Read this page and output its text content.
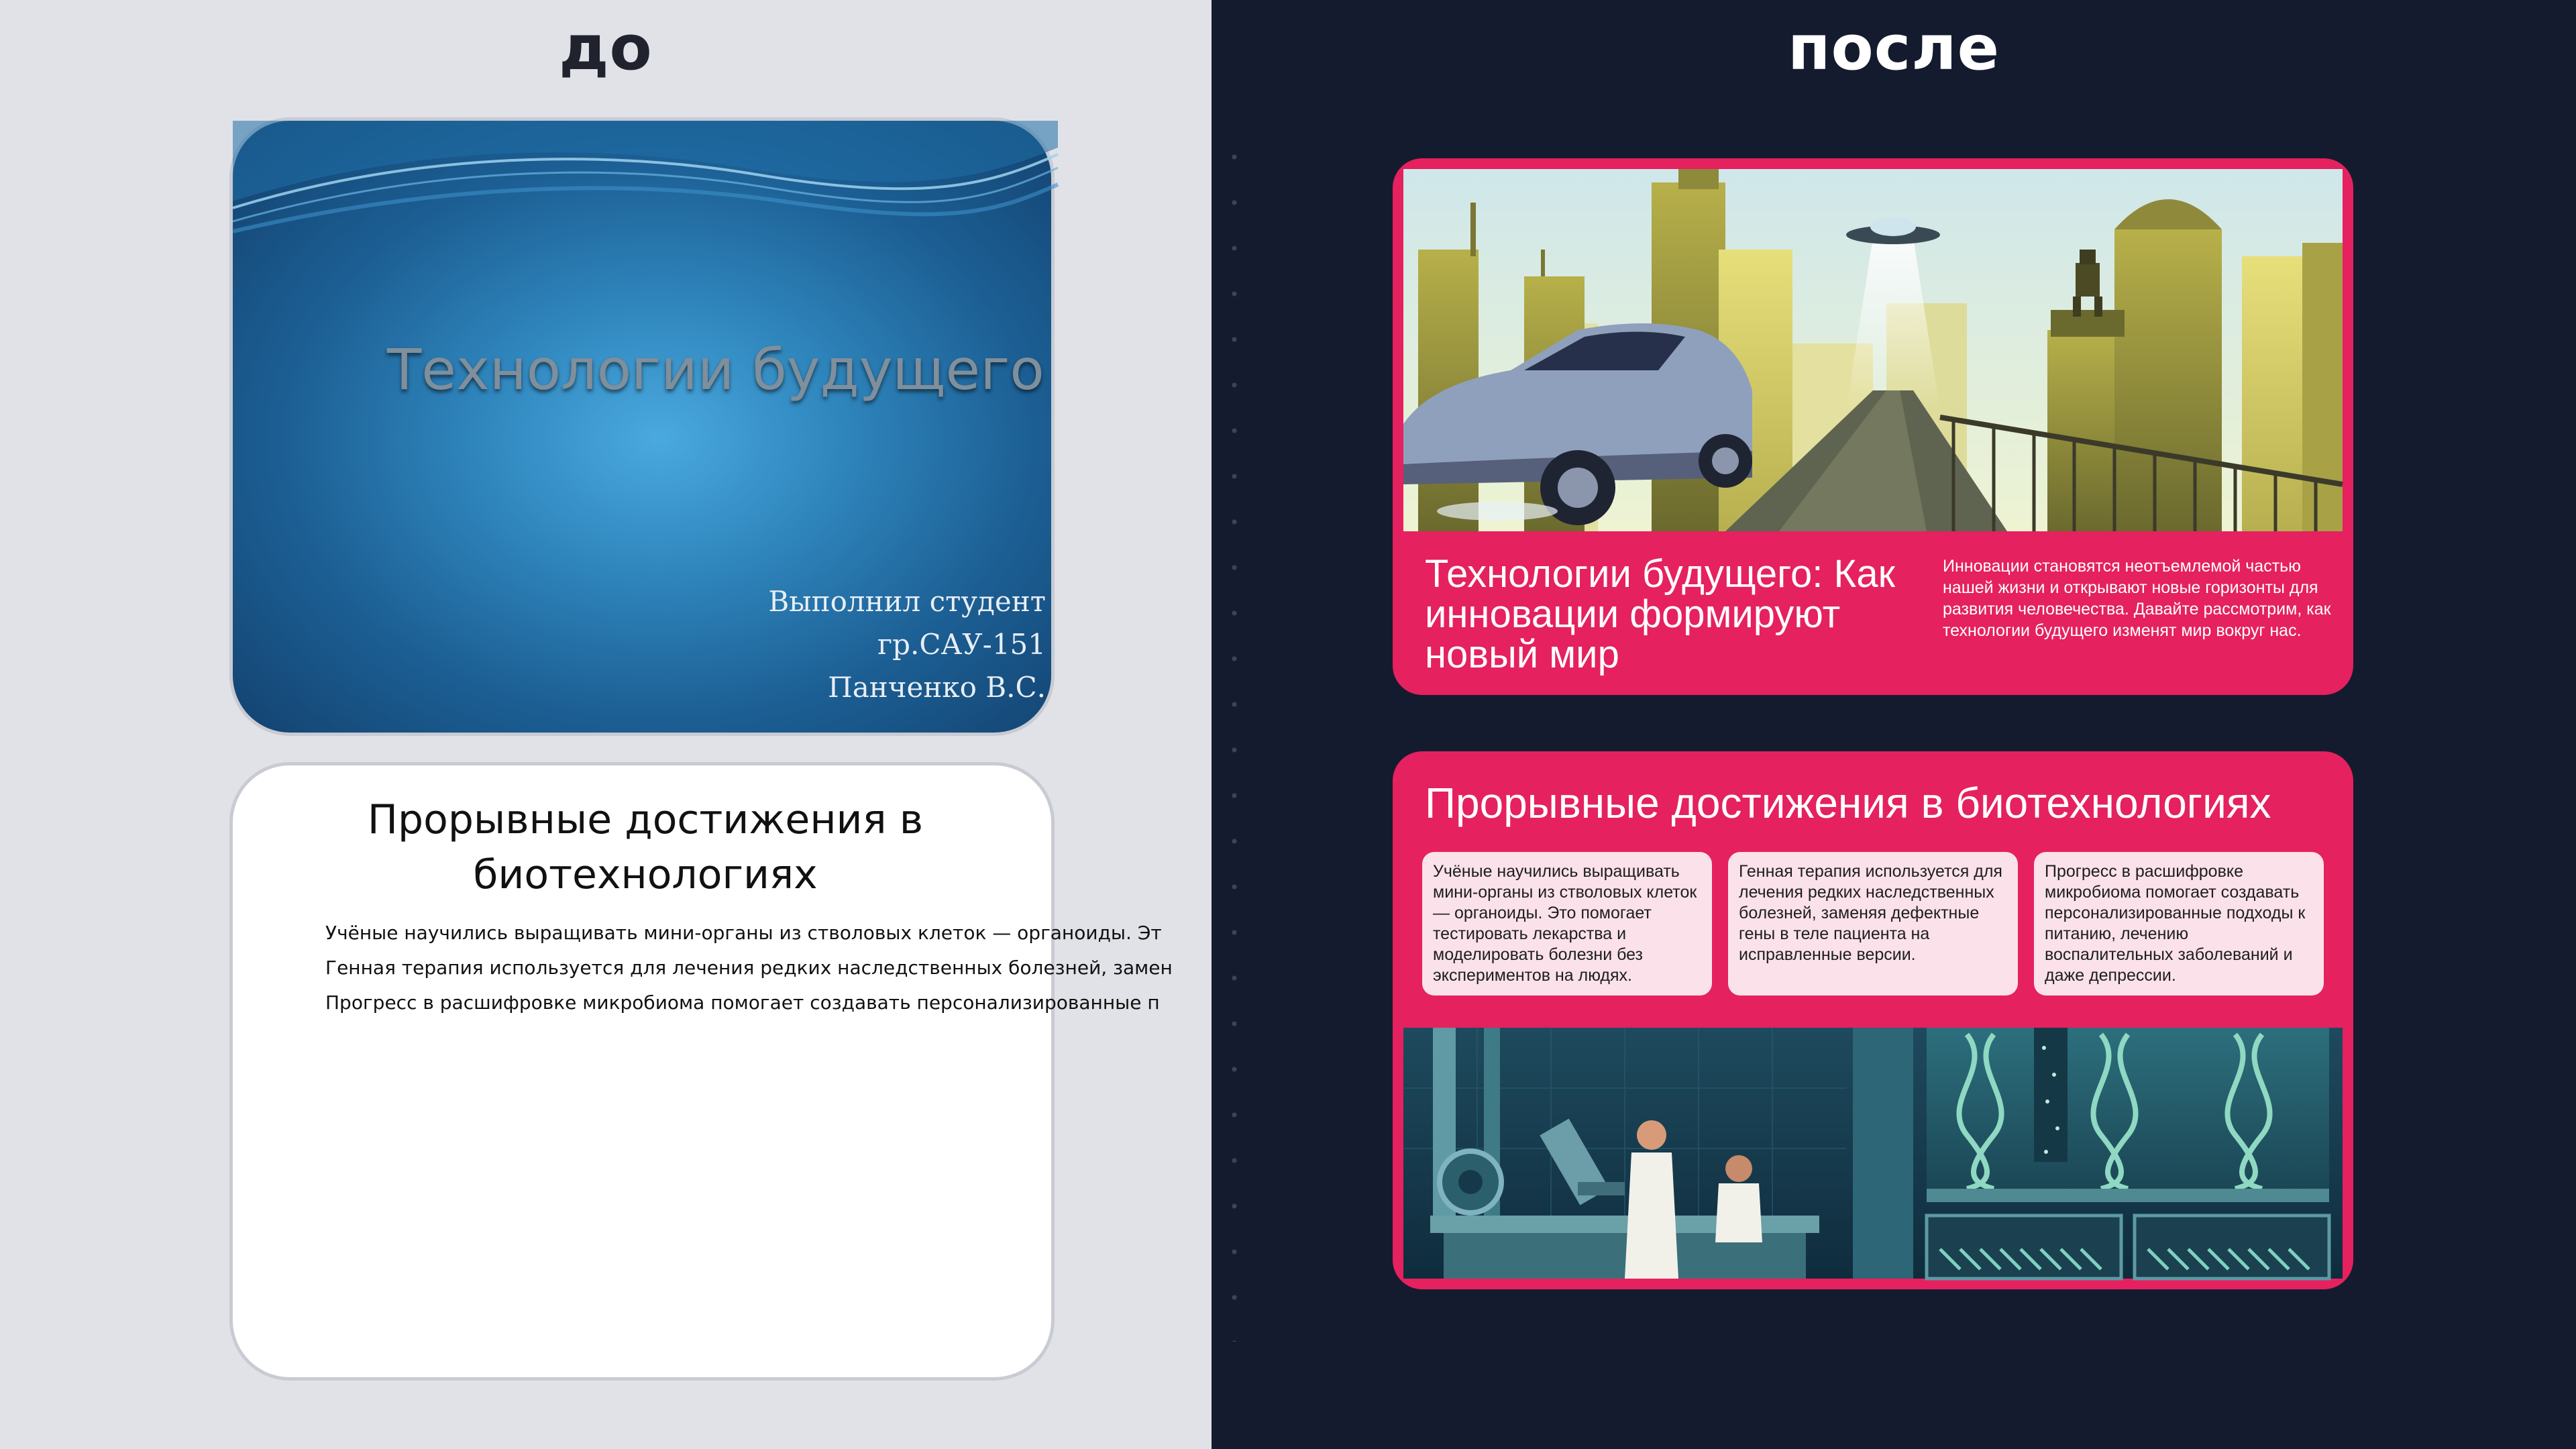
до
Технологии будущего
Выполнил студент
гр.САУ-151
Панченко В.С.
Прорывные достижения в биотехнологиях

Учёные научились выращивать мини-органы из стволовых клеток — органоиды. Эт

Генная терапия используется для лечения редких наследственных болезней, замен

Прогресс в расшифровке микробиома помогает создавать персонализированные п

после
Технологии будущего: Как инновации формируют новый мир
Инновации становятся неотъемлемой частью нашей жизни и открывают новые горизонты для развития человечества. Давайте рассмотрим, как технологии будущего изменят мир вокруг нас.
Прорывные достижения в биотехнологиях
Учёные научились выращивать мини-органы из стволовых клеток — органоиды. Это помогает тестировать лекарства и моделировать болезни без экспериментов на людях.
Генная терапия используется для лечения редких наследственных болезней, заменяя дефектные гены в теле пациента на исправленные версии.
Прогресс в расшифровке микробиома помогает создавать персонализированные подходы к питанию, лечению воспалительных заболеваний и даже депрессии.
